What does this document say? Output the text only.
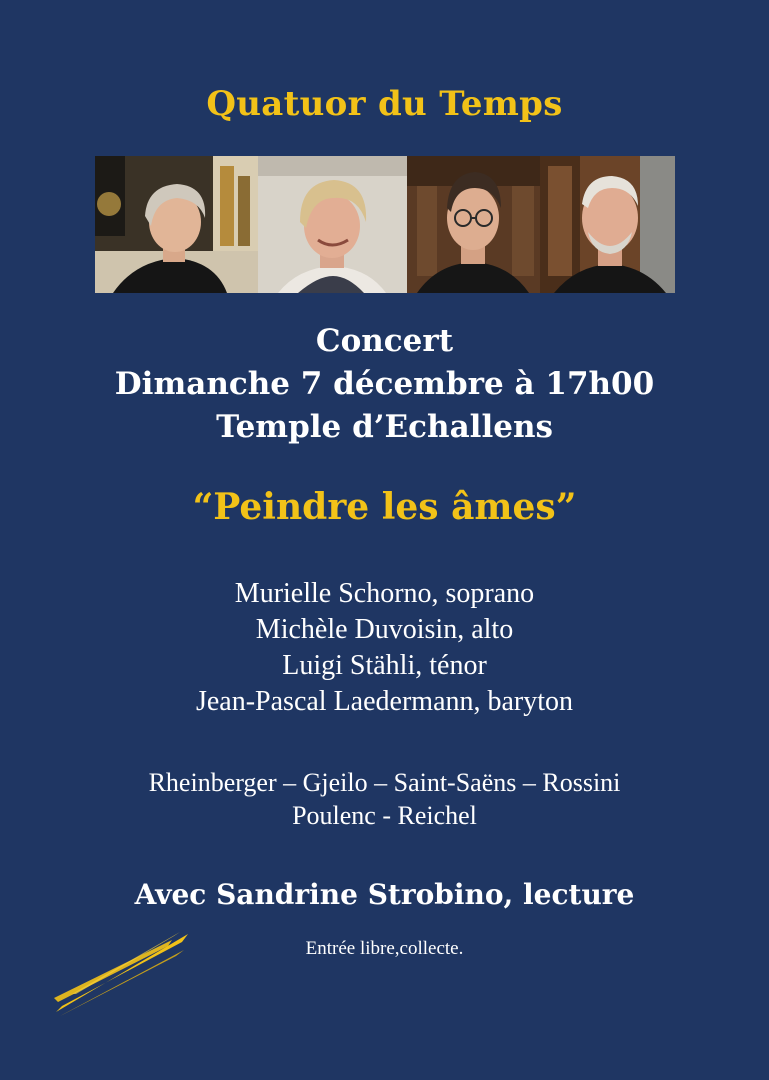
Quatuor du Temps
Concert
Dimanche 7 décembre à 17h00
Temple d’Echallens
“Peindre les âmes”
Murielle Schorno, soprano
Michèle Duvoisin, alto
Luigi Stähli, ténor
Jean-Pascal Laedermann, baryton
Rheinberger – Gjeilo – Saint-Saëns – Rossini
Poulenc - Reichel
Avec Sandrine Strobino, lecture
Entrée libre,collecte.
